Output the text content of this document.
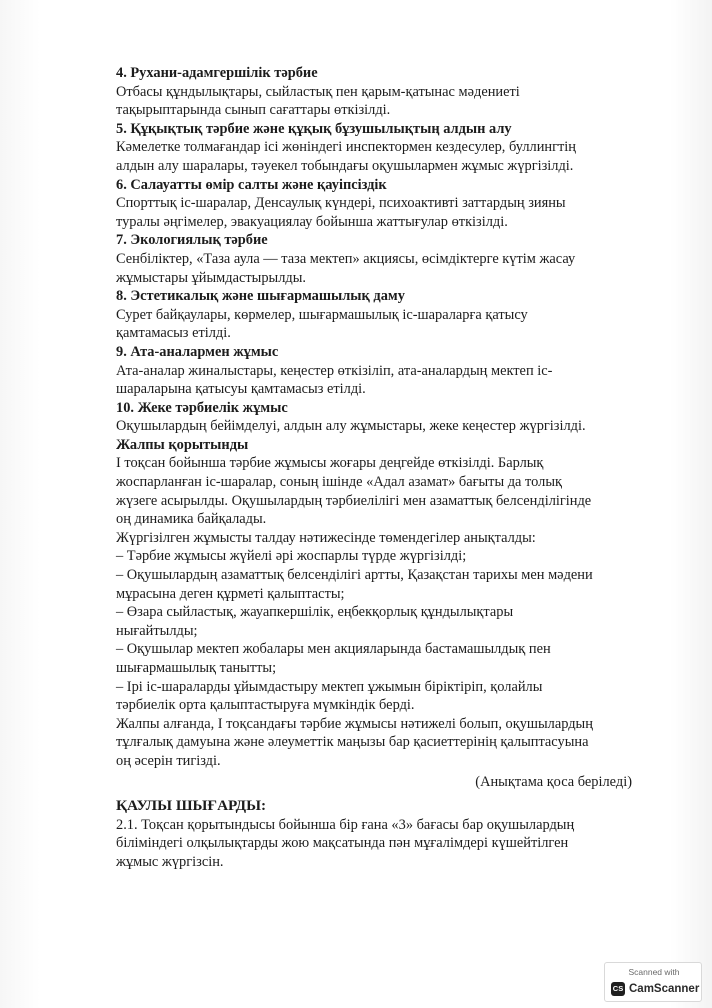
4. Рухани-адамгершілік тәрбие
Отбасы құндылықтары, сыйластық пен қарым-қатынас мәдениеті
тақырыптарында сынып сағаттары өткізілді.
5. Құқықтық тәрбие және құқық бұзушылықтың алдын алу
Кәмелетке толмағандар ісі жөніндегі инспектормен кездесулер, буллингтің
алдын алу шаралары, тәуекел тобындағы оқушылармен жұмыс жүргізілді.
6. Салауатты өмір салты және қауіпсіздік
Спорттық іс-шаралар, Денсаулық күндері, психоактивті заттардың зияны
туралы әңгімелер, эвакуациялау бойынша жаттығулар өткізілді.
7. Экологиялық тәрбие
Сенбіліктер, «Таза аула — таза мектеп» акциясы, өсімдіктерге күтім жасау
жұмыстары ұйымдастырылды.
8. Эстетикалық және шығармашылық даму
Сурет байқаулары, көрмелер, шығармашылық іс-шараларға қатысу
қамтамасыз етілді.
9. Ата-аналармен жұмыс
Ата-аналар жиналыстары, кеңестер өткізіліп, ата-аналардың мектеп іс-
шараларына қатысуы қамтамасыз етілді.
10. Жеке тәрбиелік жұмыс
Оқушылардың бейімделуі, алдын алу жұмыстары, жеке кеңестер жүргізілді.
Жалпы қорытынды
І тоқсан бойынша тәрбие жұмысы жоғары деңгейде өткізілді. Барлық
жоспарланған іс-шаралар, соның ішінде «Адал азамат» бағыты да толық
жүзеге асырылды. Оқушылардың тәрбиелілігі мен азаматтық белсенділігінде
оң динамика байқалады.
Жүргізілген жұмысты талдау нәтижесінде төмендегілер анықталды:
– Тәрбие жұмысы жүйелі әрі жоспарлы түрде жүргізілді;
– Оқушылардың азаматтық белсенділігі артты, Қазақстан тарихы мен мәдени
мұрасына деген құрметі қалыптасты;
– Өзара сыйластық, жауапкершілік, еңбекқорлық құндылықтары
нығайтылды;
– Оқушылар мектеп жобалары мен акцияларында бастамашылдық пен
шығармашылық танытты;
– Ірі іс-шараларды ұйымдастыру мектеп ұжымын біріктіріп, қолайлы
тәрбиелік орта қалыптастыруға мүмкіндік берді.
Жалпы алғанда, І тоқсандағы тәрбие жұмысы нәтижелі болып, оқушылардың
тұлғалық дамуына және әлеуметтік маңызы бар қасиеттерінің қалыптасуына
оң әсерін тигізді.
(Анықтама қоса беріледі)
ҚАУЛЫ ШЫҒАРДЫ:
2.1. Тоқсан қорытындысы бойынша бір ғана «3» бағасы бар оқушылардың
біліміндегі олқылықтарды жою мақсатында пән мұғалімдері күшейтілген
жұмыс жүргізсін.
Scanned with
CS CamScanner
